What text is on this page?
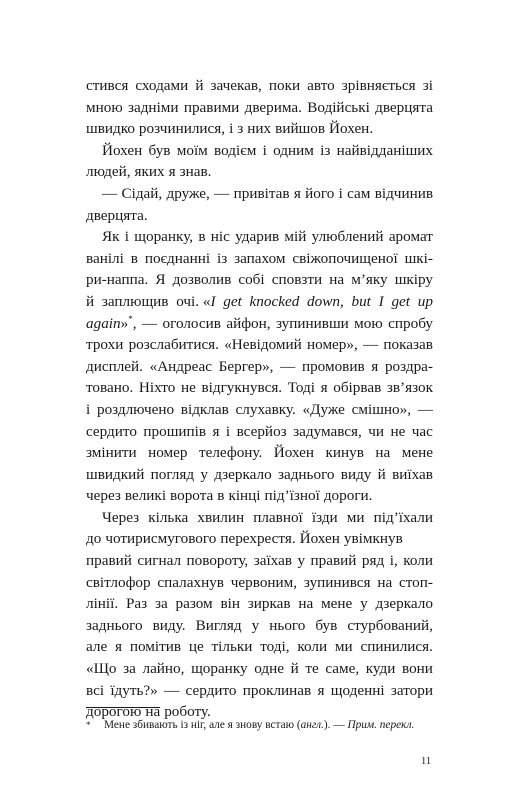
стився сходами й зачекав, поки авто зрівняється зі
мною задніми правими дверима. Водійські дверцята
швидко розчинилися, і з них вийшов Йохен.
Йохен був моїм водієм і одним із найвідданіших
людей, яких я знав.
— Сідай, друже, — привітав я його і сам відчинив
дверцята.
Як і щоранку, в ніс ударив мій улюблений аромат
ванілі в поєднанні із запахом свіжопочищеної шкі-
ри-наппа. Я дозволив собі сповзти на м’яку шкіру
й заплющив очі. «I get knocked down, but I get up
again»*, — оголосив айфон, зупинивши мою спробу
трохи розслабитися. «Невідомий номер», — показав
дисплей. «Андреас Бергер», — промовив я роздра-
товано. Ніхто не відгукнувся. Тоді я обірвав зв’язок
і роздлючено відклав слухавку. «Дуже смішно», —
сердито прошипів я і всерйоз задумався, чи не час
змінити номер телефону. Йохен кинув на мене
швидкий погляд у дзеркало заднього виду й виїхав
через великі ворота в кінці під’їзної дороги.
Через кілька хвилин плавної їзди ми під’їхали
до чотирисмугового перехрестя. Йохен увімкнув
правий сигнал повороту, заїхав у правий ряд і, коли
світлофор спалахнув червоним, зупинився на стоп-
лінії. Раз за разом він зиркав на мене у дзеркало
заднього виду. Вигляд у нього був стурбований,
але я помітив це тільки тоді, коли ми спинилися.
«Що за лайно, щоранку одне й те саме, куди вони
всі їдуть?» — сердито проклинав я щоденні затори
дорогою на роботу.
* Мене збивають із ніг, але я знову встаю (англ.). — Прим. перекл.
11
